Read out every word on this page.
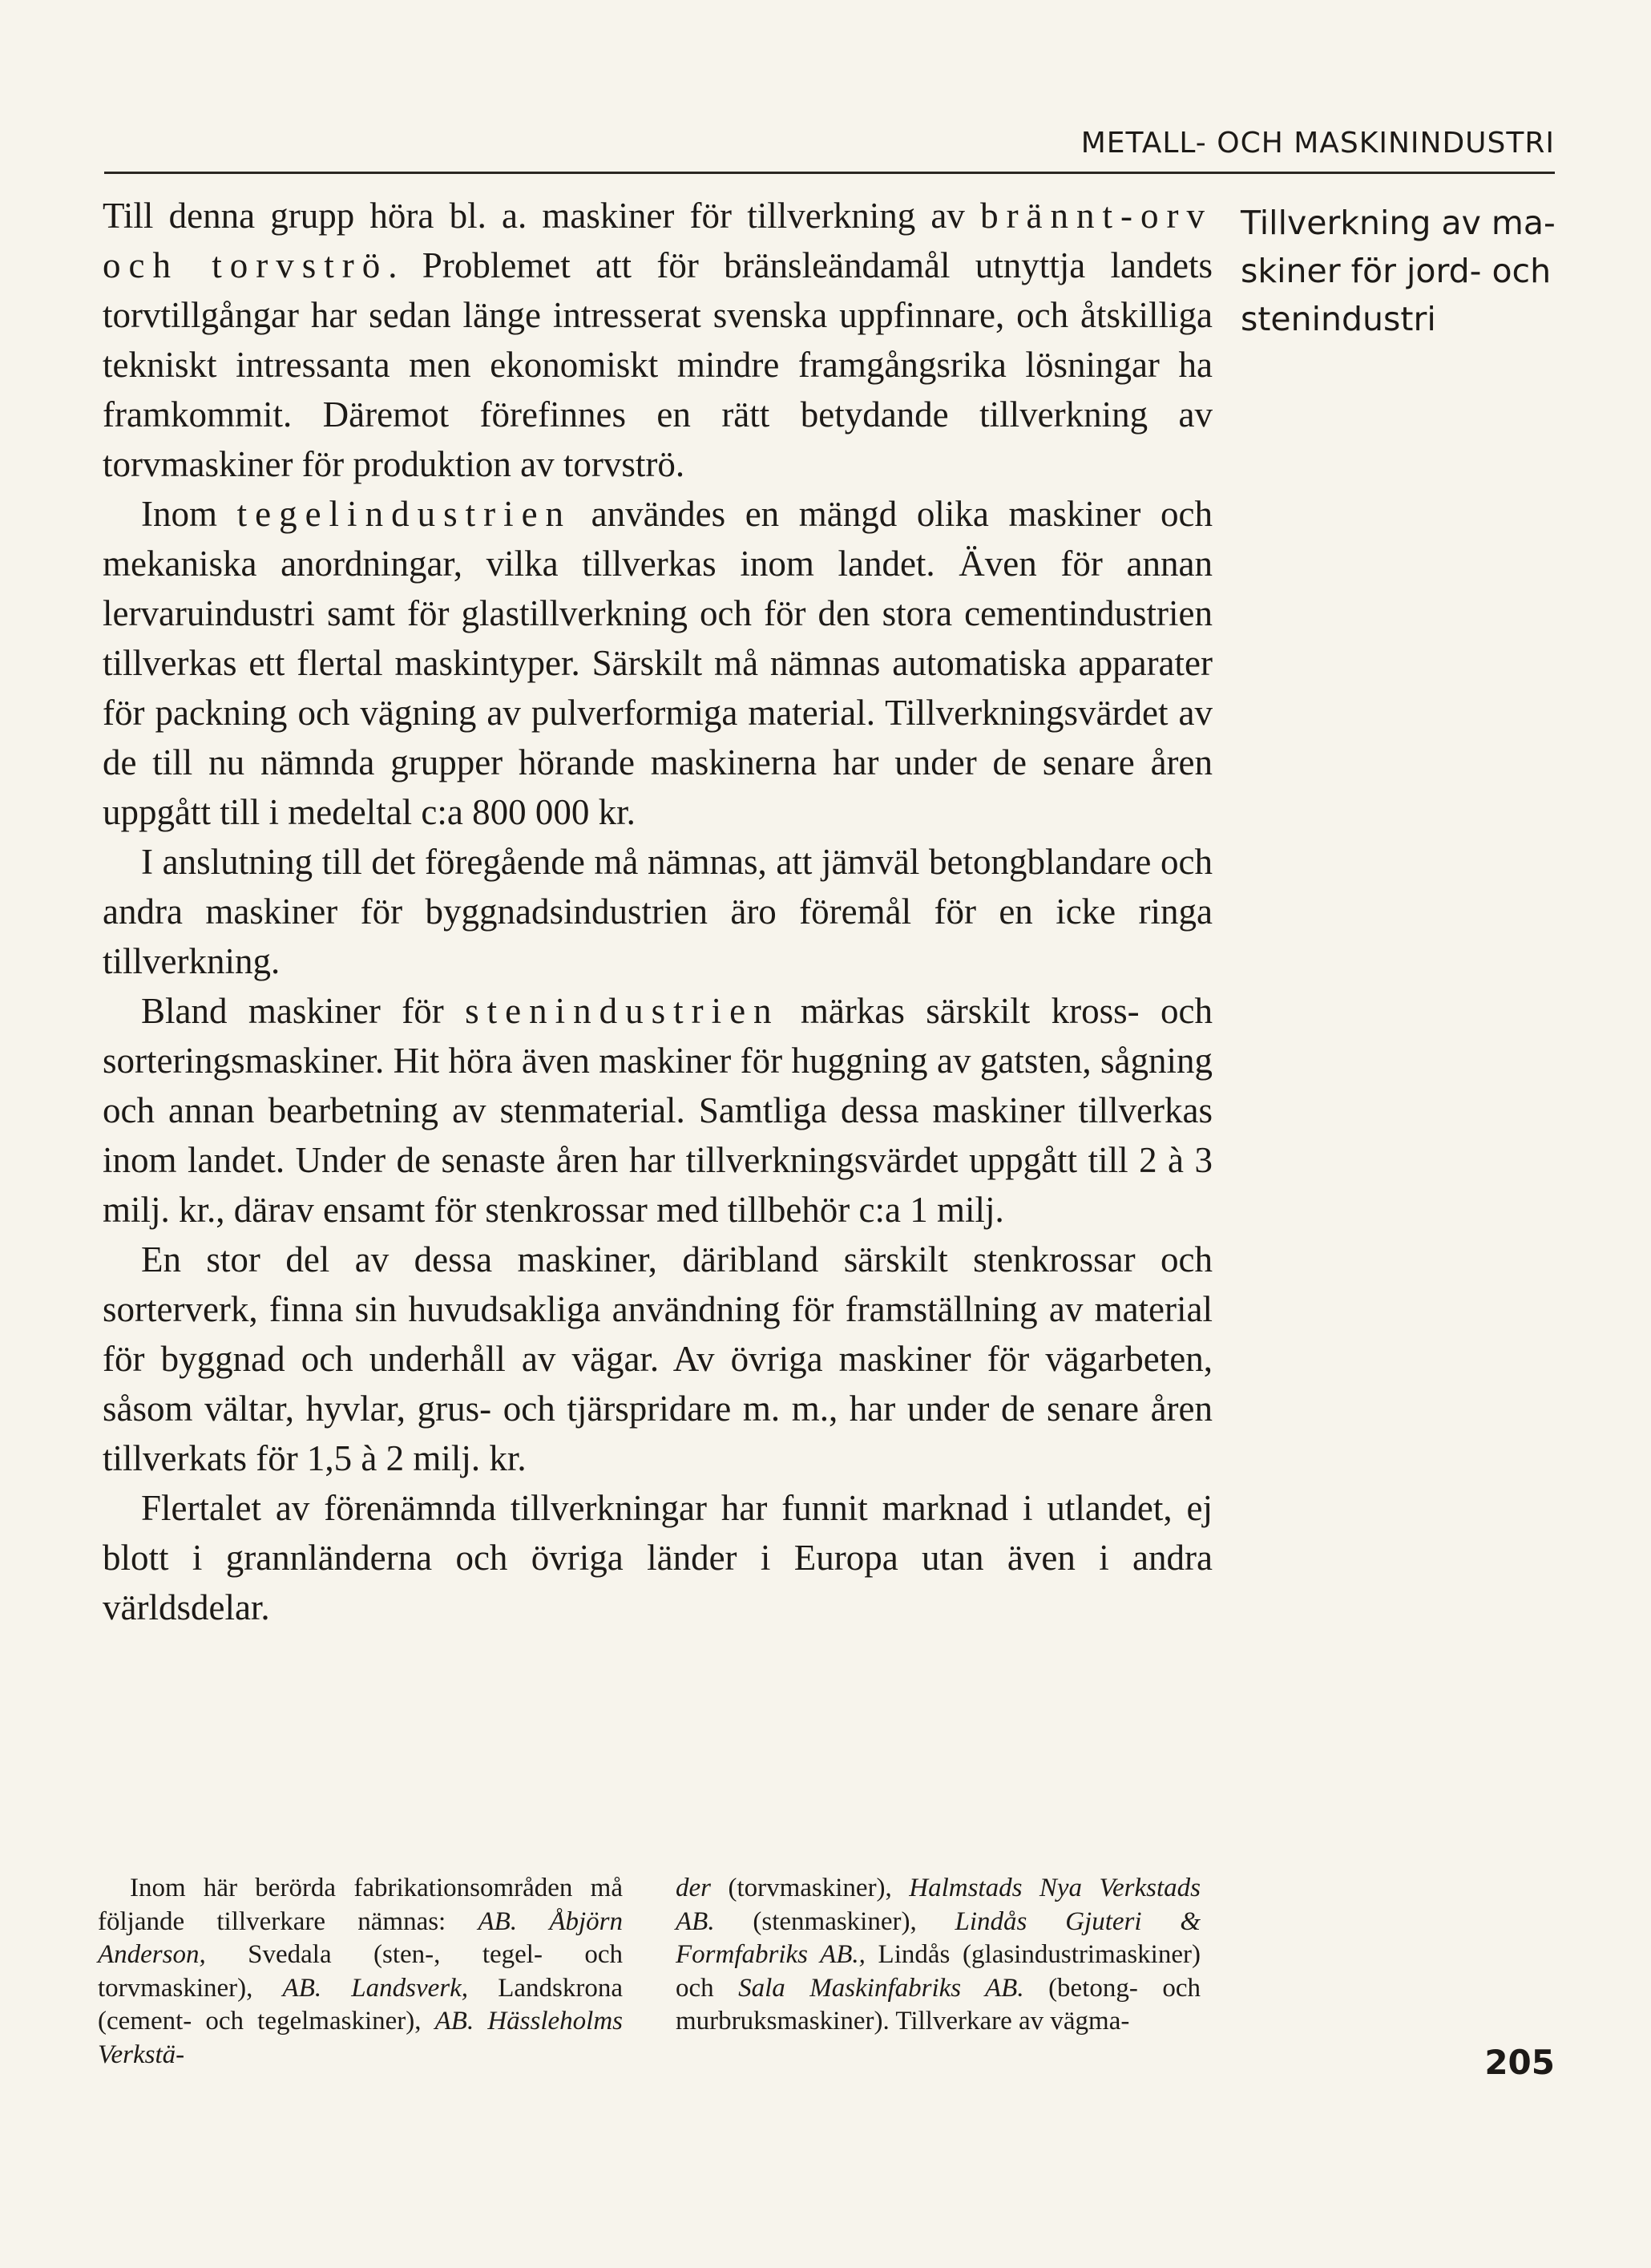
METALL- OCH MASKININDUSTRI

Till denna grupp höra bl. a. maskiner för tillverkning av brännt-orv och torvströ. Problemet att för bränsleändamål utnyttja landets torvtillgångar har sedan länge intresserat svenska uppfinnare, och åtskilliga tekniskt intressanta men ekonomiskt mindre framgångsrika lösningar ha framkommit. Däremot förefinnes en rätt betydande tillverkning av torvmaskiner för produktion av torvströ.

Inom tegelindustrien användes en mängd olika maskiner och mekaniska anordningar, vilka tillverkas inom landet. Även för annan lervaruindustri samt för glastillverkning och för den stora cementindustrien tillverkas ett flertal maskintyper. Särskilt må nämnas automatiska apparater för packning och vägning av pulverformiga material. Tillverkningsvärdet av de till nu nämnda grupper hörande maskinerna har under de senare åren uppgått till i medeltal c:a 800 000 kr.

I anslutning till det föregående må nämnas, att jämväl betongblandare och andra maskiner för byggnadsindustrien äro föremål för en icke ringa tillverkning.

Bland maskiner för stenindustrien märkas särskilt kross- och sorteringsmaskiner. Hit höra även maskiner för huggning av gatsten, sågning och annan bearbetning av stenmaterial. Samtliga dessa maskiner tillverkas inom landet. Under de senaste åren har tillverkningsvärdet uppgått till 2 à 3 milj. kr., därav ensamt för stenkrossar med tillbehör c:a 1 milj.

En stor del av dessa maskiner, däribland särskilt stenkrossar och sorterverk, finna sin huvudsakliga användning för framställning av material för byggnad och underhåll av vägar. Av övriga maskiner för vägarbeten, såsom vältar, hyvlar, grus- och tjärspridare m. m., har under de senare åren tillverkats för 1,5 à 2 milj. kr.

Flertalet av förenämnda tillverkningar har funnit marknad i utlandet, ej blott i grannländerna och övriga länder i Europa utan även i andra världsdelar.

Tillverkning av ma-skiner för jord- och stenindustri

Inom här berörda fabrikationsområden må följande tillverkare nämnas: AB. Åbjörn Anderson, Svedala (sten-, tegel- och torvmaskiner), AB. Landsverk, Landskrona (cement- och tegelmaskiner), AB. Hässleholms Verkstä-

der (torvmaskiner), Halmstads Nya Verkstads AB. (stenmaskiner), Lindås Gjuteri & Formfabriks AB., Lindås (glasindustrimaskiner) och Sala Maskinfabriks AB. (betong- och murbruksmaskiner). Tillverkare av vägma-

205
